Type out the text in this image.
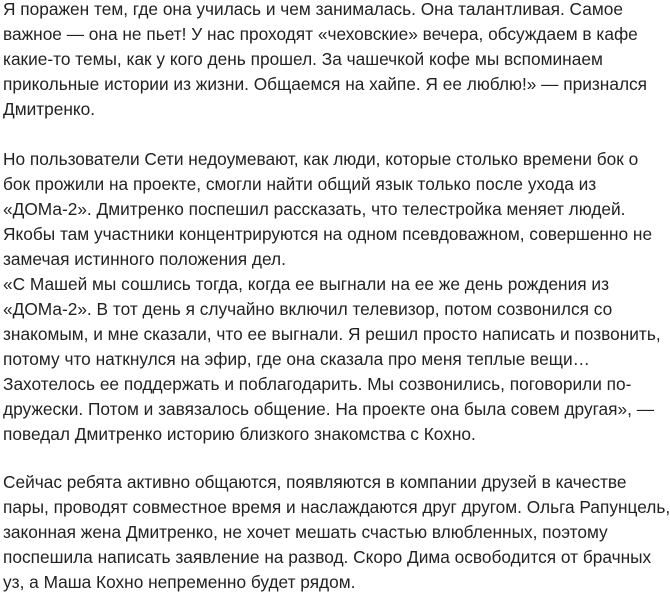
Я поражен тем, где она училась и чем занималась. Она талантливая. Самое
важное — она не пьет! У нас проходят «чеховские» вечера, обсуждаем в кафе
какие-то темы, как у кого день прошел. За чашечкой кофе мы вспоминаем
прикольные истории из жизни. Общаемся на хайпе. Я ее люблю!» — признался
Дмитренко.

Но пользователи Сети недоумевают, как люди, которые столько времени бок о
бок прожили на проекте, смогли найти общий язык только после ухода из
«ДОМа-2». Дмитренко поспешил рассказать, что телестройка меняет людей.
Якобы там участники концентрируются на одном псевдоважном, совершенно не
замечая истинного положения дел.
«С Машей мы сошлись тогда, когда ее выгнали на ее же день рождения из
«ДОМа-2». В тот день я случайно включил телевизор, потом созвонился со
знакомым, и мне сказали, что ее выгнали. Я решил просто написать и позвонить,
потому что наткнулся на эфир, где она сказала про меня теплые вещи…
Захотелось ее поддержать и поблагодарить. Мы созвонились, поговорили по-
дружески. Потом и завязалось общение. На проекте она была совем другая», —
поведал Дмитренко историю близкого знакомства с Кохно.

Сейчас ребята активно общаются, появляются в компании друзей в качестве
пары, проводят совместное время и наслаждаются друг другом. Ольга Рапунцель,
законная жена Дмитренко, не хочет мешать счастью влюбленных, поэтому
поспешила написать заявление на развод. Скоро Дима освободится от брачных
уз, а Маша Кохно непременно будет рядом.
